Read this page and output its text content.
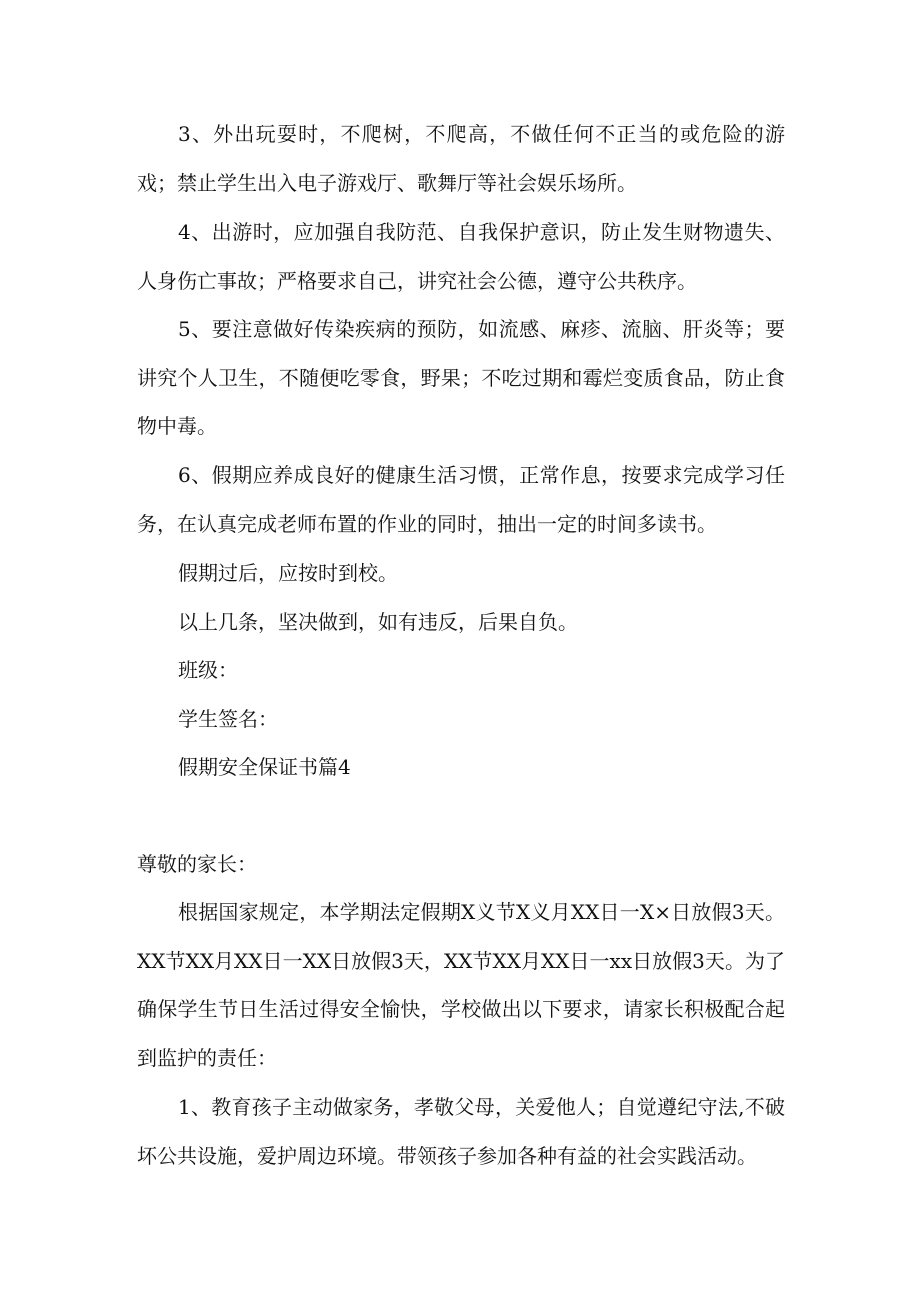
3、外出玩耍时，不爬树，不爬高，不做任何不正当的或危险的游戏；禁止学生出入电子游戏厅、歌舞厅等社会娱乐场所。

4、出游时，应加强自我防范、自我保护意识，防止发生财物遗失、人身伤亡事故；严格要求自己，讲究社会公德，遵守公共秩序。

5、要注意做好传染疾病的预防，如流感、麻疹、流脑、肝炎等；要讲究个人卫生，不随便吃零食，野果；不吃过期和霉烂变质食品，防止食物中毒。

6、假期应养成良好的健康生活习惯，正常作息，按要求完成学习任务，在认真完成老师布置的作业的同时，抽出一定的时间多读书。

假期过后，应按时到校。

以上几条，坚决做到，如有违反，后果自负。

班级：

学生签名：

假期安全保证书篇4

尊敬的家长：

根据国家规定，本学期法定假期X义节X义月XX日一X×日放假3天。XX节XX月XX日一XX日放假3天，XX节XX月XX日一xx日放假3天。为了确保学生节日生活过得安全愉快，学校做出以下要求，请家长积极配合起到监护的责任：

1、教育孩子主动做家务，孝敬父母，关爱他人；自觉遵纪守法,不破坏公共设施，爱护周边环境。带领孩子参加各种有益的社会实践活动。
